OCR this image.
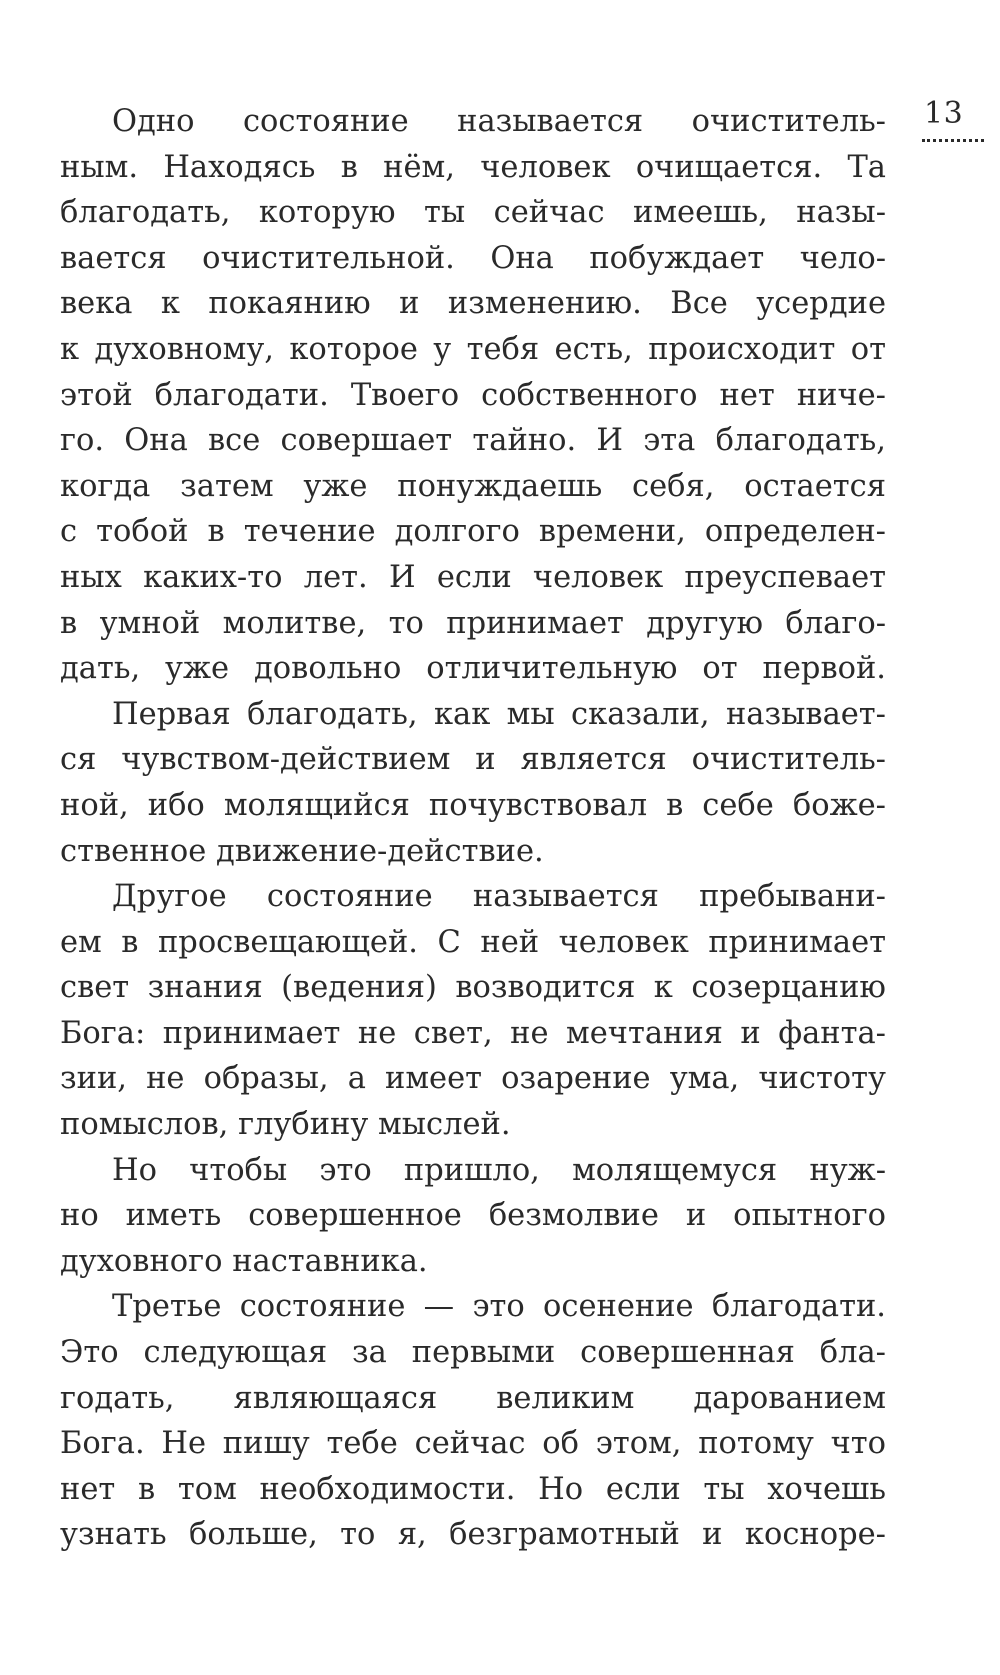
13
Одно состояние называется очиститель-
ным. Находясь в нём, человек очищается. Та
благодать, которую ты сейчас имеешь, назы-
вается очистительной. Она побуждает чело-
века к покаянию и изменению. Все усердие
к духовному, которое у тебя есть, происходит от
этой благодати. Твоего собственного нет ниче-
го. Она все совершает тайно. И эта благодать,
когда затем уже понуждаешь себя, остается
с тобой в течение долгого времени, определен-
ных каких-то лет. И если человек преуспевает
в умной молитве, то принимает другую благо-
дать, уже довольно отличительную от первой.
Первая благодать, как мы сказали, называет-
ся чувством-действием и является очиститель-
ной, ибо молящийся почувствовал в себе боже-
ственное движение-действие.
Другое состояние называется пребывани-
ем в просвещающей. С ней человек принимает
свет знания (ведения) возводится к созерцанию
Бога: принимает не свет, не мечтания и фанта-
зии, не образы, а имеет озарение ума, чистоту
помыслов, глубину мыслей.
Но чтобы это пришло, молящемуся нуж-
но иметь совершенное безмолвие и опытного
духовного наставника.
Третье состояние — это осенение благодати.
Это следующая за первыми совершенная бла-
годать, являющаяся великим дарованием
Бога. Не пишу тебе сейчас об этом, потому что
нет в том необходимости. Но если ты хочешь
узнать больше, то я, безграмотный и косноре-
